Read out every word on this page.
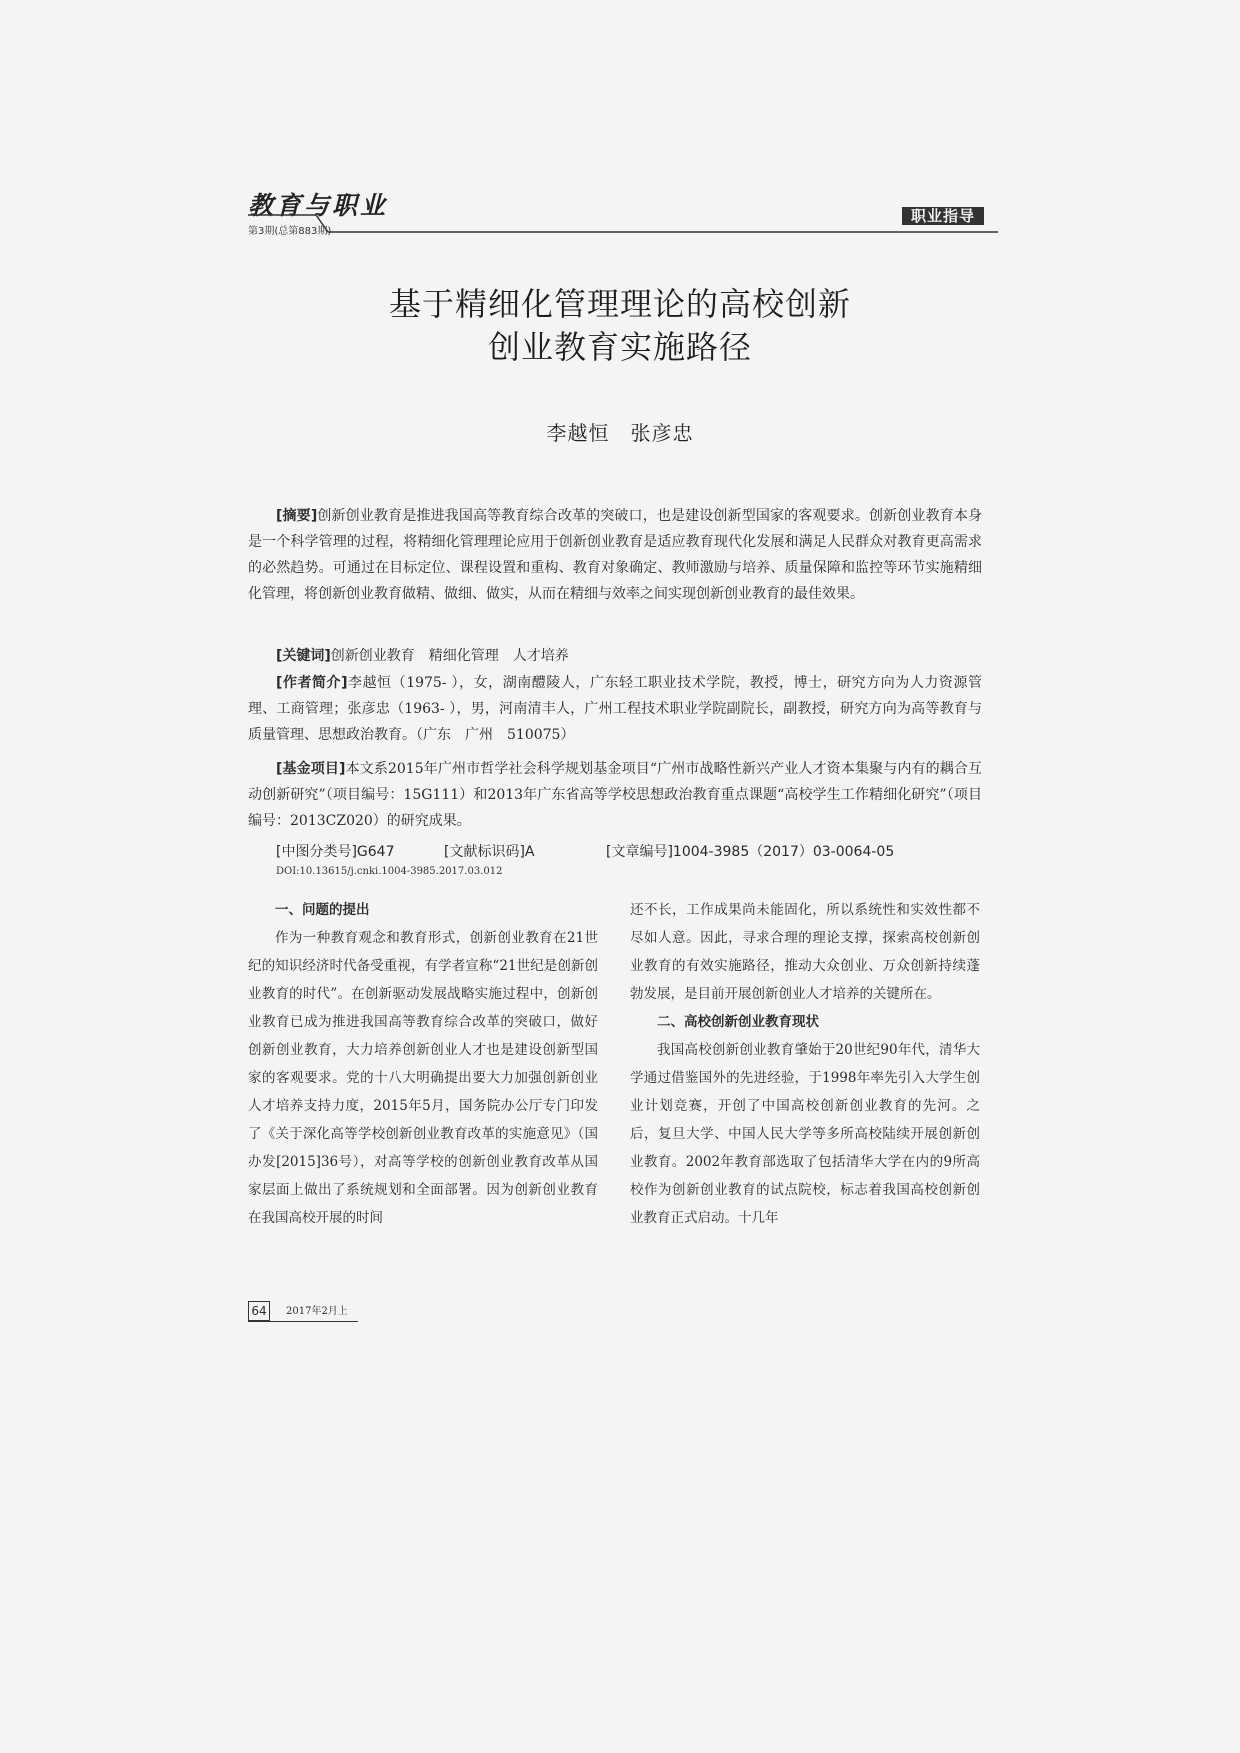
教育与职业
第3期(总第883期)
职业指导
基于精细化管理理论的高校创新
创业教育实施路径
李越恒　张彦忠
[摘要]创新创业教育是推进我国高等教育综合改革的突破口，也是建设创新型国家的客观要求。创新创业教育本身是一个科学管理的过程，将精细化管理理论应用于创新创业教育是适应教育现代化发展和满足人民群众对教育更高需求的必然趋势。可通过在目标定位、课程设置和重构、教育对象确定、教师激励与培养、质量保障和监控等环节实施精细化管理，将创新创业教育做精、做细、做实，从而在精细与效率之间实现创新创业教育的最佳效果。
[关键词]创新创业教育　精细化管理　人才培养
[作者简介]李越恒（1975- ），女，湖南醴陵人，广东轻工职业技术学院，教授，博士，研究方向为人力资源管理、工商管理；张彦忠（1963- ），男，河南清丰人，广州工程技术职业学院副院长，副教授，研究方向为高等教育与质量管理、思想政治教育。（广东　广州　510075）
[基金项目]本文系2015年广州市哲学社会科学规划基金项目“广州市战略性新兴产业人才资本集聚与内有的耦合互动创新研究”（项目编号：15G111）和2013年广东省高等学校思想政治教育重点课题“高校学生工作精细化研究”（项目编号：2013CZ020）的研究成果。
[中图分类号]G647	[文献标识码]A	[文章编号]1004-3985（2017）03-0064-05
DOI:10.13615/j.cnki.1004-3985.2017.03.012
一、问题的提出

作为一种教育观念和教育形式，创新创业教育在21世纪的知识经济时代备受重视，有学者宣称“21世纪是创新创业教育的时代”。在创新驱动发展战略实施过程中，创新创业教育已成为推进我国高等教育综合改革的突破口，做好创新创业教育，大力培养创新创业人才也是建设创新型国家的客观要求。党的十八大明确提出要大力加强创新创业人才培养支持力度，2015年5月，国务院办公厅专门印发了《关于深化高等学校创新创业教育改革的实施意见》（国办发[2015]36号），对高等学校的创新创业教育改革从国家层面上做出了系统规划和全面部署。因为创新创业教育在我国高校开展的时间

还不长，工作成果尚未能固化，所以系统性和实效性都不尽如人意。因此，寻求合理的理论支撑，探索高校创新创业教育的有效实施路径，推动大众创业、万众创新持续蓬勃发展，是目前开展创新创业人才培养的关键所在。

二、高校创新创业教育现状

我国高校创新创业教育肇始于20世纪90年代，清华大学通过借鉴国外的先进经验，于1998年率先引入大学生创业计划竞赛，开创了中国高校创新创业教育的先河。之后，复旦大学、中国人民大学等多所高校陆续开展创新创业教育。2002年教育部选取了包括清华大学在内的9所高校作为创新创业教育的试点院校，标志着我国高校创新创业教育正式启动。十几年

64	2017年2月上
